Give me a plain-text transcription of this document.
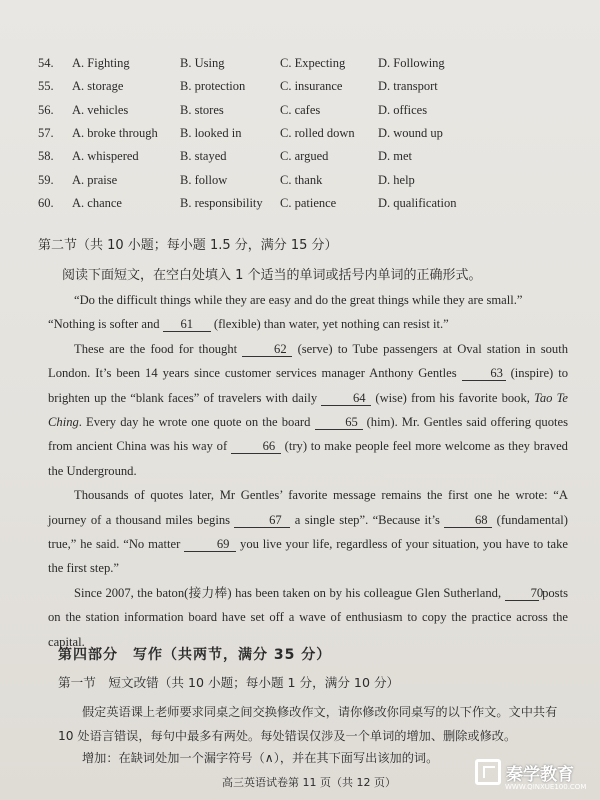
54.	A. Fighting	B. Using	C. Expecting	D. Following
55.	A. storage	B. protection	C. insurance	D. transport
56.	A. vehicles	B. stores	C. cafes	D. offices
57.	A. broke through	B. looked in	C. rolled down	D. wound up
58.	A. whispered	B. stayed	C. argued	D. met
59.	A. praise	B. follow	C. thank	D. help
60.	A. chance	B. responsibility	C. patience	D. qualification
第二节（共 10 小题；每小题 1.5 分，满分 15 分）
阅读下面短文，在空白处填入 1 个适当的单词或括号内单词的正确形式。

“Do the difficult things while they are easy and do the great things while they are small.”

“Nothing is softer and 61 (flexible) than water, yet nothing can resist it.”

These are the food for thought	62 (serve) to Tube passengers at Oval station in south London. It’s been 14 years since customer services manager Anthony Gentles	63 (inspire) to brighten up the “blank faces” of travelers with daily	64 (wise) from his favorite book, Tao Te Ching. Every day he wrote one quote on the board	65 (him). Mr. Gentles said offering quotes from ancient China was his way of	66 (try) to make people feel more welcome as they braved the Underground.

Thousands of quotes later, Mr Gentles’ favorite message remains the first one he wrote: “A journey of a thousand miles begins	67 a single step”. “Because it’s	68 (fundamental) true,” he said. “No matter	69 you live your life, regardless of your situation, you have to take the first step.”

Since 2007, the baton(接力棒) has been taken on by his colleague Glen Sutherland, 70 posts on the station information board have set off a wave of enthusiasm to copy the practice across the capital.

第四部分　写作（共两节，满分 35 分）
第一节　短文改错（共 10 小题；每小题 1 分，满分 10 分）
假定英语课上老师要求同桌之间交换修改作文，请你修改你同桌写的以下作文。文中共有 10 处语言错误，每句中最多有两处。每处错误仅涉及一个单词的增加、删除或修改。
增加：在缺词处加一个漏字符号（∧），并在其下面写出该加的词。
高三英语试卷第 11 页（共 12 页）	秦学教育
WWW.QINXUE100.COM
